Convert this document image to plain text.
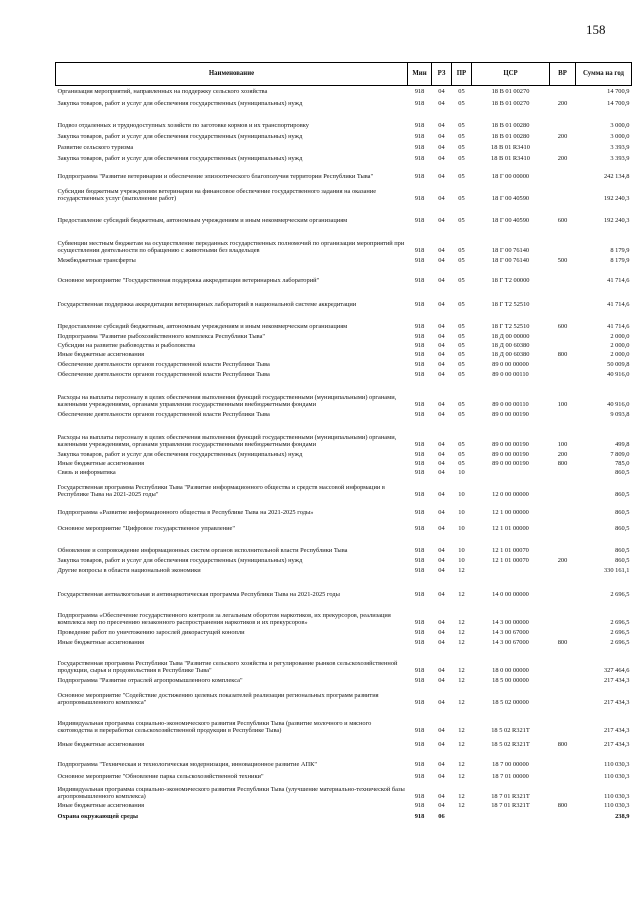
158
Наименование	Мин	РЗ	ПР	ЦСР	ВР	Сумма на год
Организация мероприятий, направленных на поддержку сельского хозяйства	918	04	05	18 В 01 00270		14 700,9
Закупка товаров, работ и услуг для обеспечения государственных (муниципальных) нужд	918	04	05	18 В 01 00270	200	14 700,9
Подвоз отдаленных и труднодоступных хозяйств по заготовке кормов и их транспортировку	918	04	05	18 В 01 00280		3 000,0
Закупка товаров, работ и услуг для обеспечения государственных (муниципальных) нужд	918	04	05	18 В 01 00280	200	3 000,0
Развитие сельского туризма	918	04	05	18 В 01 R3410		3 393,9
Закупка товаров, работ и услуг для обеспечения государственных (муниципальных) нужд	918	04	05	18 В 01 R3410	200	3 393,9
Подпрограмма "Развитие ветеринарии и обеспечение эпизоотического благополучия территории Республики Тыва"	918	04	05	18 Г 00 00000		242 134,8
Субсидии бюджетным учреждениям ветеринарии на финансовое обеспечение государственного задания на оказание государственных услуг (выполнение работ)	918	04	05	18 Г 00 40590		192 240,3
Предоставление субсидий бюджетным, автономным учреждениям и иным некоммерческим организациям	918	04	05	18 Г 00 40590	600	192 240,3
Субвенции местным бюджетам на осуществление переданных государственных полномочий по организации мероприятий при осуществлении деятельности по обращению с животными без владельцев	918	04	05	18 Г 00 76140		8 179,9
Межбюджетные трансферты	918	04	05	18 Г 00 76140	500	8 179,9
Основное мероприятие "Государственная поддержка аккредитации ветеринарных лабораторий"	918	04	05	18 Г Т2 00000		41 714,6
Государственная поддержка аккредитации ветеринарных лабораторий в национальной системе аккредитации	918	04	05	18 Г Т2 52510		41 714,6
Предоставление субсидий бюджетным, автономным учреждениям и иным некоммерческим организациям	918	04	05	18 Г Т2 52510	600	41 714,6
Подпрограмма "Развитие рыбохозяйственного комплекса Республики Тыва"	918	04	05	18 Д 00 00000		2 000,0
Субсидии на развитие рыбоводства и рыболовства	918	04	05	18 Д 00 60380		2 000,0
Иные бюджетные ассигнования	918	04	05	18 Д 00 60380	800	2 000,0
Обеспечение деятельности органов государственной власти Республики Тыва	918	04	05	89 0 00 00000		50 009,8
Обеспечение деятельности органов государственной власти Республики Тыва	918	04	05	89 0 00 00110		40 916,0
Расходы на выплаты персоналу в целях обеспечения выполнения функций государственными (муниципальными) органами, казенными учреждениями, органами управления государственными внебюджетными фондами	918	04	05	89 0 00 00110	100	40 916,0
Обеспечение деятельности органов государственной власти Республики Тыва	918	04	05	89 0 00 00190		9 093,8
Расходы на выплаты персоналу в целях обеспечения выполнения функций государственными (муниципальными) органами, казенными учреждениями, органами управления государственными внебюджетными фондами	918	04	05	89 0 00 00190	100	499,8
Закупка товаров, работ и услуг для обеспечения государственных (муниципальных) нужд	918	04	05	89 0 00 00190	200	7 809,0
Иные бюджетные ассигнования	918	04	05	89 0 00 00190	800	785,0
Связь и информатика	918	04	10			860,5
Государственная программа Республики Тыва "Развитие информационного общества и средств массовой информации в Республике Тыва на 2021-2025 годы"	918	04	10	12 0 00 00000		860,5
Подпрограмма «Развитие информационного общества в Республике Тыва на 2021-2025 годы»	918	04	10	12 1 00 00000		860,5
Основное мероприятие "Цифровое государственное управление"	918	04	10	12 1 01 00000		860,5
Обновление и сопровождение информационных систем органов исполнительной власти Республики Тыва	918	04	10	12 1 01 00070		860,5
Закупка товаров, работ и услуг для обеспечения государственных (муниципальных) нужд	918	04	10	12 1 01 00070	200	860,5
Другие вопросы в области национальной экономики	918	04	12			330 161,1
Государственная антиалкогольная и антинаркотическая программа Республики Тыва на 2021-2025 годы	918	04	12	14 0 00 00000		2 696,5
Подпрограмма «Обеспечение государственного контроля за легальным оборотом наркотиков, их прекурсоров, реализация комплекса мер по пресечению незаконного распространения наркотиков и их прекурсоров»	918	04	12	14 3 00 00000		2 696,5
Проведение работ по уничтожению зарослей дикорастущей конопли	918	04	12	14 3 00 67000		2 696,5
Иные бюджетные ассигнования	918	04	12	14 3 00 67000	800	2 696,5
Государственная программа Республики Тыва "Развитие сельского хозяйства и регулирование рынков сельскохозяйственной продукции, сырья и продовольствия в Республике Тыва"	918	04	12	18 0 00 00000		327 464,6
Подпрограмма "Развитие отраслей агропромышленного комплекса"	918	04	12	18 5 00 00000		217 434,3
Основное мероприятие "Содействие достижению целевых показателей реализации региональных программ развития агропромышленного комплекса"	918	04	12	18 5 02 00000		217 434,3
Индивидуальная программа социально-экономического развития Республики Тыва (развитие молочного и мясного скотоводства и переработки сельскохозяйственной продукции в Республике Тыва)	918	04	12	18 5 02 R321Т		217 434,3
Иные бюджетные ассигнования	918	04	12	18 5 02 R321Т	800	217 434,3
Подпрограмма "Техническая и технологическая модернизация, инновационное развитие АПК"	918	04	12	18 7 00 00000		110 030,3
Основное мероприятие "Обновление парка сельскохозяйственной техники"	918	04	12	18 7 01 00000		110 030,3
Индивидуальная программа социально-экономического развития Республики Тыва (улучшение материально-технической базы агропромышленного комплекса)	918	04	12	18 7 01 R321Т		110 030,3
Иные бюджетные ассигнования	918	04	12	18 7 01 R321Т	800	110 030,3
Охрана окружающей среды	918	06				238,9
